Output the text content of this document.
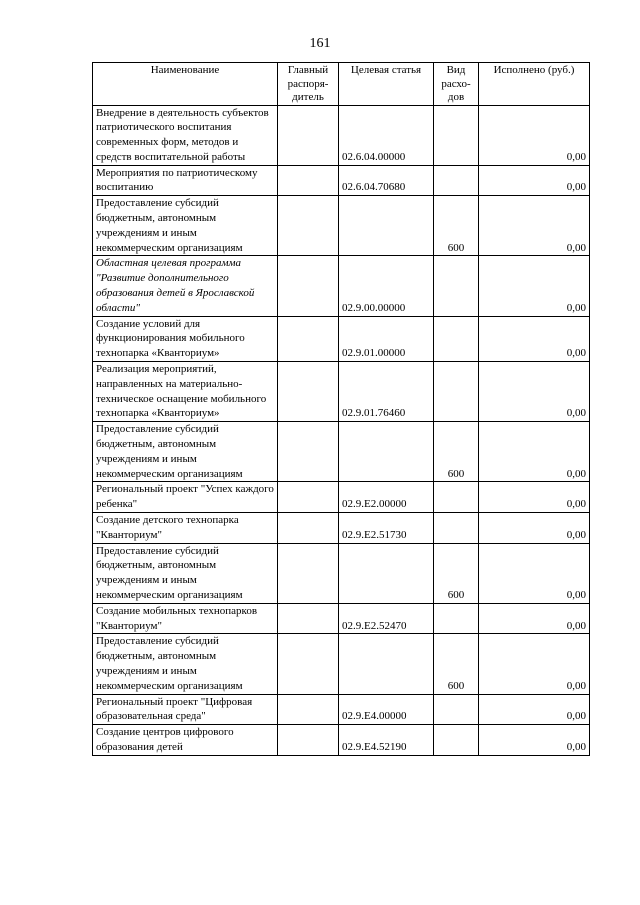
161
Наименование	Главный распоря-дитель	Целевая статья	Вид расхо-дов	Исполнено (руб.)
Внедрение в деятельность субъектов патриотического воспитания современных форм, методов и средств воспитательной работы		02.6.04.00000		0,00
Мероприятия по патриотическому воспитанию		02.6.04.70680		0,00
Предоставление субсидий бюджетным, автономным учреждениям и иным некоммерческим организациям			600	0,00
Областная целевая программа "Развитие дополнительного образования детей в Ярославской области"		02.9.00.00000		0,00
Создание условий для функционирования мобильного технопарка «Кванториум»		02.9.01.00000		0,00
Реализация мероприятий, направленных на материально-техническое оснащение мобильного технопарка «Кванториум»		02.9.01.76460		0,00
Предоставление субсидий бюджетным, автономным учреждениям и иным некоммерческим организациям			600	0,00
Региональный проект "Успех каждого ребенка"		02.9.E2.00000		0,00
Создание детского технопарка "Кванториум"		02.9.E2.51730		0,00
Предоставление субсидий бюджетным, автономным учреждениям и иным некоммерческим организациям			600	0,00
Создание мобильных технопарков "Кванториум"		02.9.E2.52470		0,00
Предоставление субсидий бюджетным, автономным учреждениям и иным некоммерческим организациям			600	0,00
Региональный проект "Цифровая образовательная среда"		02.9.E4.00000		0,00
Создание центров цифрового образования детей		02.9.E4.52190		0,00
